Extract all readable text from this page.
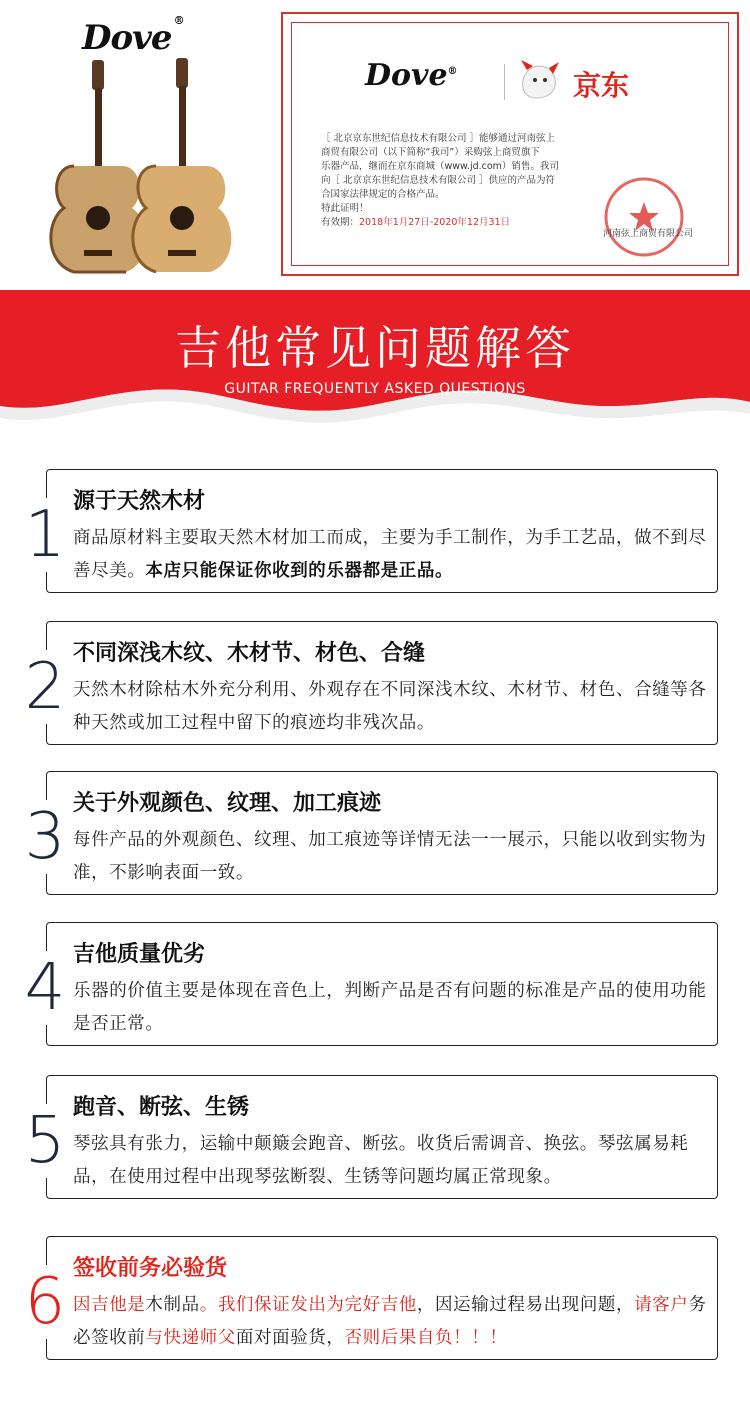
Dove ®
Dove®	京东
［ 北京京东世纪信息技术有限公司 ］能够通过河南弦上
商贸有限公司（以下简称“我司”）采购弦上商贸旗下
乐器产品，继而在京东商城（www.jd.com）销售。我司
向［ 北京京东世纪信息技术有限公司 ］供应的产品为符
合国家法律规定的合格产品。
特此证明！
有效期：2018年1月27日-2020年12月31日
河南弦上商贸有限公司
吉他常见问题解答
GUITAR FREQUENTLY ASKED QUESTIONS
1 源于天然木材
商品原材料主要取天然木材加工而成，主要为手工制作，为手工艺品，做不到尽善尽美。本店只能保证你收到的乐器都是正品。
2 不同深浅木纹、木材节、材色、合缝
天然木材除枯木外充分利用、外观存在不同深浅木纹、木材节、材色、合缝等各种天然或加工过程中留下的痕迹均非残次品。
3 关于外观颜色、纹理、加工痕迹
每件产品的外观颜色、纹理、加工痕迹等详情无法一一展示，只能以收到实物为准，不影响表面一致。
4 吉他质量优劣
乐器的价值主要是体现在音色上，判断产品是否有问题的标准是产品的使用功能是否正常。
5 跑音、断弦、生锈
琴弦具有张力，运输中颠簸会跑音、断弦。收货后需调音、换弦。琴弦属易耗品，在使用过程中出现琴弦断裂、生锈等问题均属正常现象。
6 签收前务必验货
因吉他是木制品。我们保证发出为完好吉他，因运输过程易出现问题，请客户务必签收前与快递师父面对面验货，否则后果自负！！！
